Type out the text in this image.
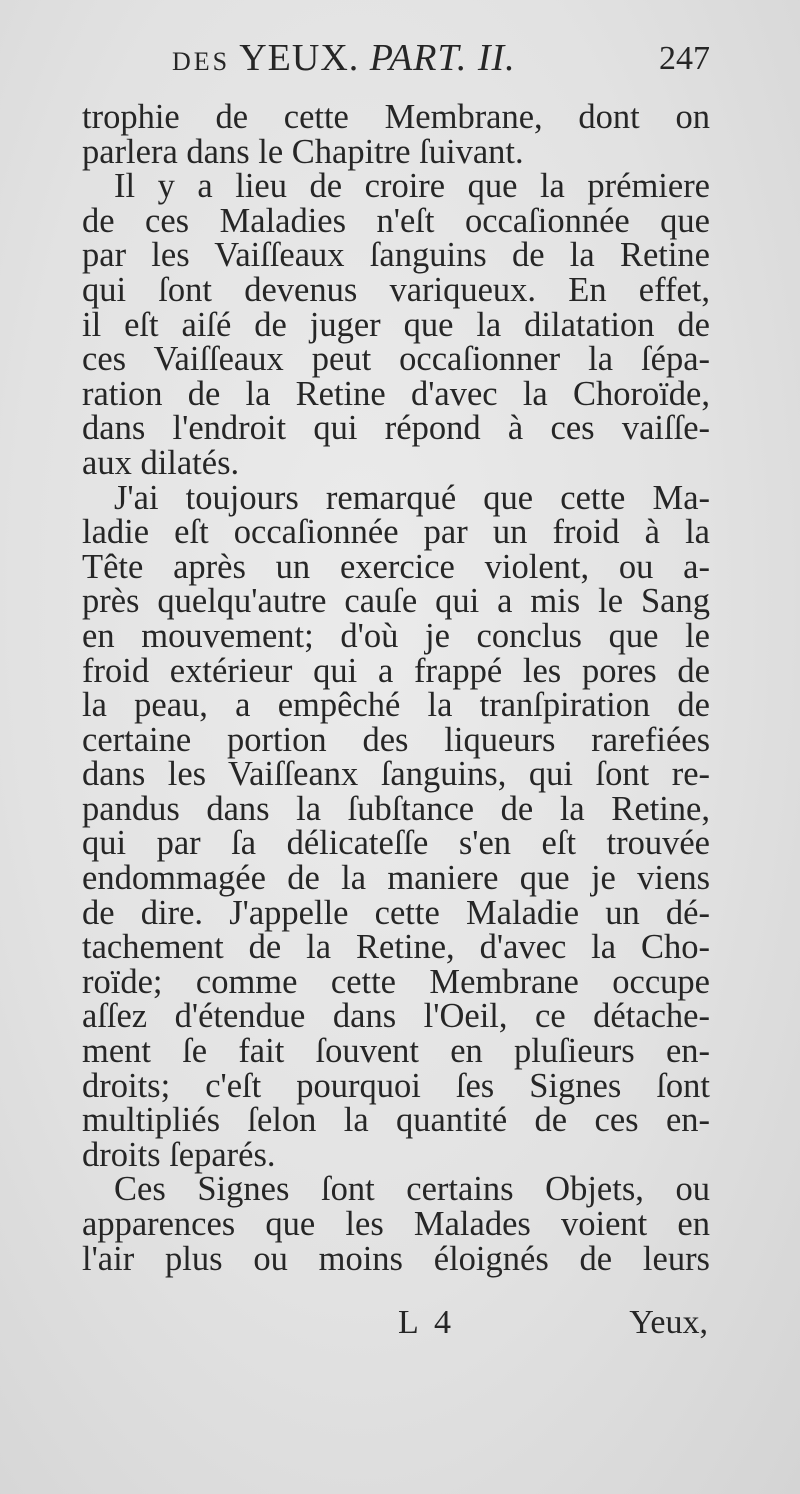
DES YEUX. PART. II.	247
trophie de cette Membrane, dont on
parlera dans le Chapitre ſuivant.
Il y a lieu de croire que la prémiere
de ces Maladies n'eſt occaſionnée que
par les Vaiſſeaux ſanguins de la Retine
qui ſont devenus variqueux. En effet,
il eſt aiſé de juger que la dilatation de
ces Vaiſſeaux peut occaſionner la ſépa-
ration de la Retine d'avec la Choroïde,
dans l'endroit qui répond à ces vaiſſe-
aux dilatés.
J'ai toujours remarqué que cette Ma-
ladie eſt occaſionnée par un froid à la
Tête après un exercice violent, ou a-
près quelqu'autre cauſe qui a mis le Sang
en mouvement; d'où je conclus que le
froid extérieur qui a frappé les pores de
la peau, a empêché la tranſpiration de
certaine portion des liqueurs rarefiées
dans les Vaiſſeanx ſanguins, qui ſont re-
pandus dans la ſubſtance de la Retine,
qui par ſa délicateſſe s'en eſt trouvée
endommagée de la maniere que je viens
de dire. J'appelle cette Maladie un dé-
tachement de la Retine, d'avec la Cho-
roïde; comme cette Membrane occupe
aſſez d'étendue dans l'Oeil, ce détache-
ment ſe fait ſouvent en pluſieurs en-
droits; c'eſt pourquoi ſes Signes ſont
multipliés ſelon la quantité de ces en-
droits ſeparés.
Ces Signes ſont certains Objets, ou
apparences que les Malades voient en
l'air plus ou moins éloignés de leurs
L 4	Yeux,
